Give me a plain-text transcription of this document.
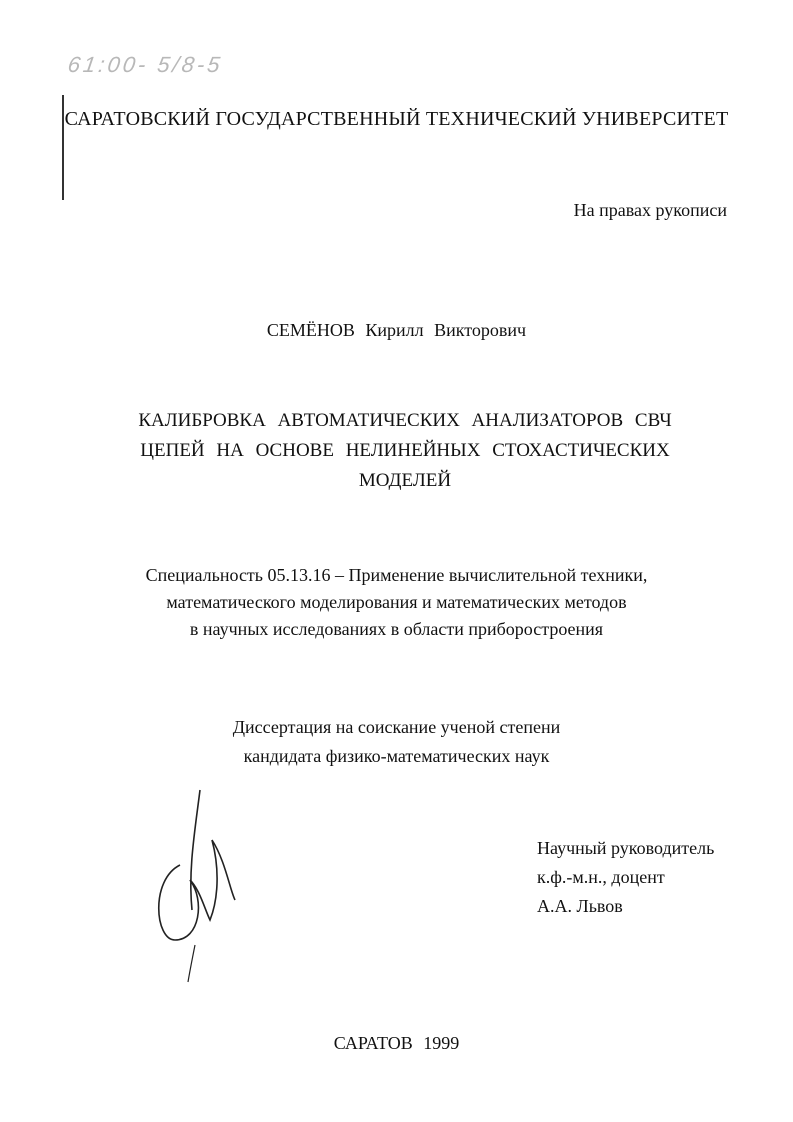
61:00- 5/8-5
САРАТОВСКИЙ ГОСУДАРСТВЕННЫЙ ТЕХНИЧЕСКИЙ УНИВЕРСИТЕТ
На правах рукописи
СЕМЁНОВ Кирилл Викторович
КАЛИБРОВКА АВТОМАТИЧЕСКИХ АНАЛИЗАТОРОВ СВЧ
ЦЕПЕЙ НА ОСНОВЕ НЕЛИНЕЙНЫХ СТОХАСТИЧЕСКИХ
МОДЕЛЕЙ
Специальность 05.13.16 – Применение вычислительной техники,
математического моделирования и математических методов
в научных исследованиях в области приборостроения
Диссертация на соискание ученой степени
кандидата физико-математических наук
Научный руководитель
к.ф.-м.н., доцент
А.А. Львов
САРАТОВ 1999
